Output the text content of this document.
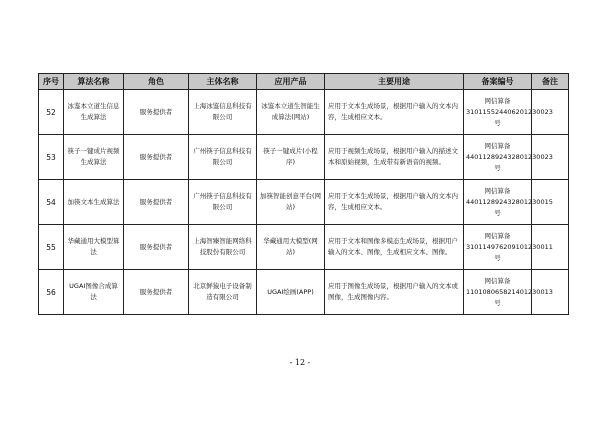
序号	算法名称	角色	主体名称	应用产品	主要用途	备案编号	备注
52	冰鉴本立道生信息生成算法	服务提供者	上海冰鉴信息科技有限公司	冰鉴本立道生智能生成算法(网站)	应用于文本生成场景，根据用户输入的文本内容，生成相应文本。	网信算备310115524406201230023号	
53	筷子一键成片视频生成算法	服务提供者	广州筷子信息科技有限公司	筷子一键成片(小程序)	应用于视频生成场景，根据用户输入的描述文本和原始视频，生成带有新语音的视频。	网信算备440112892432801230023号	
54	加筷文本生成算法	服务提供者	广州筷子信息科技有限公司	加筷智能创意平台(网站)	应用于文本生成场景，根据用户输入的文本内容，生成相应文本。	网信算备440112892432801230015号	
55	华藏通用大模型算法	服务提供者	上海智臻智能网络科技股份有限公司	华藏通用大模型(网站)	应用于文本和图像多模态生成场景，根据用户输入的文本、图像，生成相应文本、图像。	网信算备310114976209101230011号	
56	UGAI图像合成算法	服务提供者	北京鲜猿电子设备制造有限公司	UGAI绘画(APP)	应用于图像生成场景，根据用户输入的文本或图像，生成图像内容。	网信算备110108065821401230013号	
- 12 -
